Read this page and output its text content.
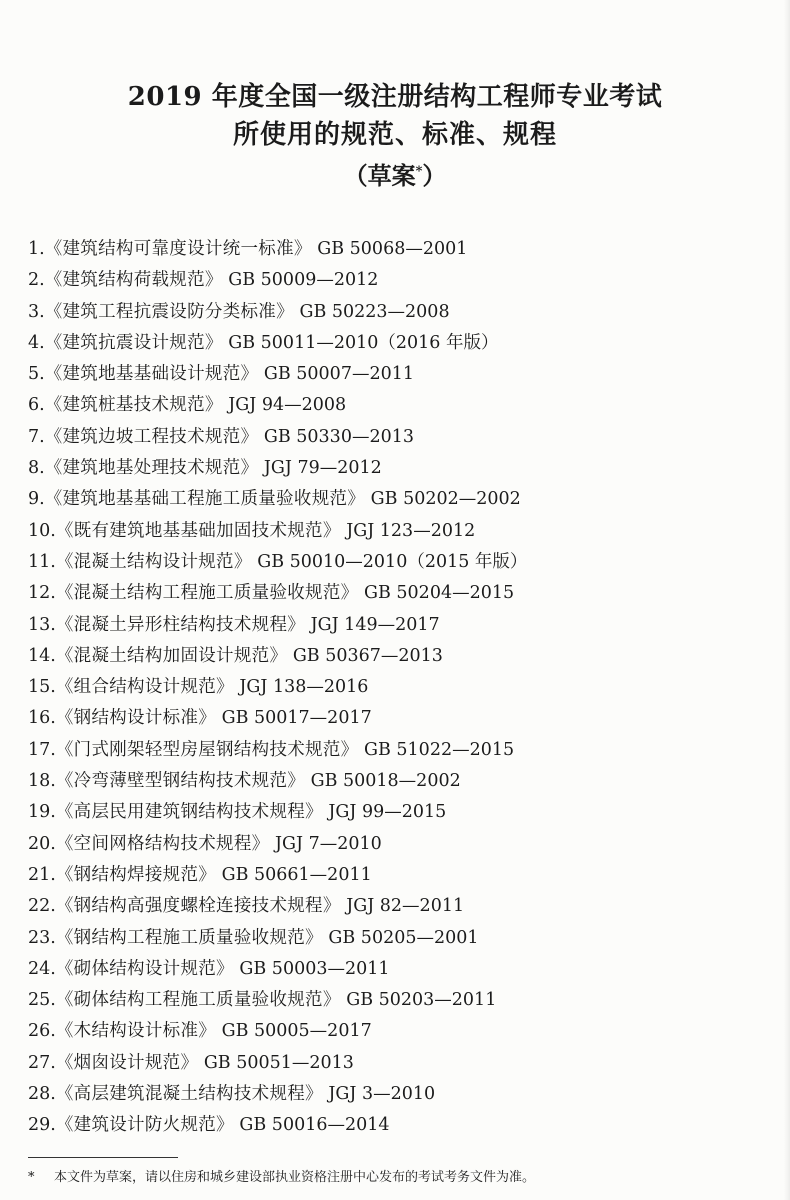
2019 年度全国一级注册结构工程师专业考试
所使用的规范、标准、规程
（草案*）
1.《建筑结构可靠度设计统一标准》 GB 50068—2001
2.《建筑结构荷载规范》 GB 50009—2012
3.《建筑工程抗震设防分类标准》 GB 50223—2008
4.《建筑抗震设计规范》 GB 50011—2010（2016 年版）
5.《建筑地基基础设计规范》 GB 50007—2011
6.《建筑桩基技术规范》 JGJ 94—2008
7.《建筑边坡工程技术规范》 GB 50330—2013
8.《建筑地基处理技术规范》 JGJ 79—2012
9.《建筑地基基础工程施工质量验收规范》 GB 50202—2002
10.《既有建筑地基基础加固技术规范》 JGJ 123—2012
11.《混凝土结构设计规范》 GB 50010—2010（2015 年版）
12.《混凝土结构工程施工质量验收规范》 GB 50204—2015
13.《混凝土异形柱结构技术规程》 JGJ 149—2017
14.《混凝土结构加固设计规范》 GB 50367—2013
15.《组合结构设计规范》 JGJ 138—2016
16.《钢结构设计标准》 GB 50017—2017
17.《门式刚架轻型房屋钢结构技术规范》 GB 51022—2015
18.《冷弯薄壁型钢结构技术规范》 GB 50018—2002
19.《高层民用建筑钢结构技术规程》 JGJ 99—2015
20.《空间网格结构技术规程》 JGJ 7—2010
21.《钢结构焊接规范》 GB 50661—2011
22.《钢结构高强度螺栓连接技术规程》 JGJ 82—2011
23.《钢结构工程施工质量验收规范》 GB 50205—2001
24.《砌体结构设计规范》 GB 50003—2011
25.《砌体结构工程施工质量验收规范》 GB 50203—2011
26.《木结构设计标准》 GB 50005—2017
27.《烟囱设计规范》 GB 50051—2013
28.《高层建筑混凝土结构技术规程》 JGJ 3—2010
29.《建筑设计防火规范》 GB 50016—2014
* 本文件为草案，请以住房和城乡建设部执业资格注册中心发布的考试考务文件为准。
